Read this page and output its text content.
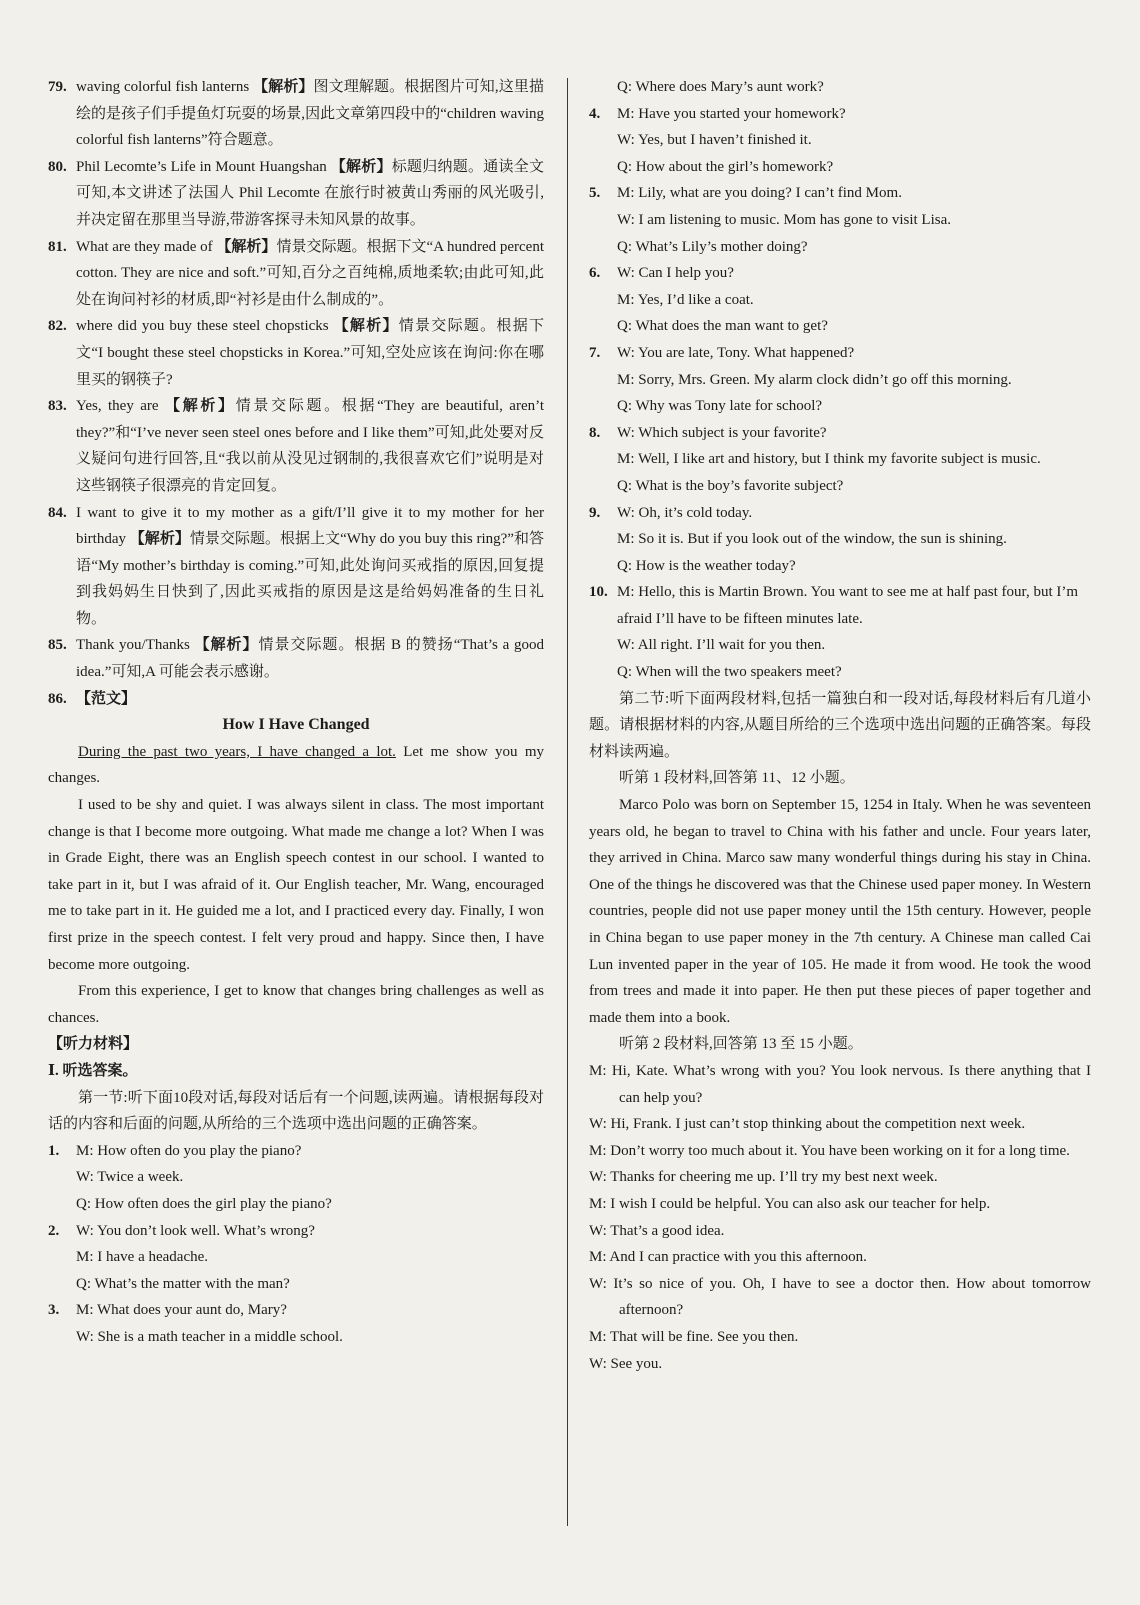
79. waving colorful fish lanterns 【解析】图文理解题。根据图片可知,这里描绘的是孩子们手提鱼灯玩耍的场景,因此文章第四段中的“children waving colorful fish lanterns”符合题意。
80. Phil Lecomte’s Life in Mount Huangshan 【解析】标题归纳题。通读全文可知,本文讲述了法国人 Phil Lecomte 在旅行时被黄山秀丽的风光吸引,并决定留在那里当导游,带游客探寻未知风景的故事。
81. What are they made of 【解析】情景交际题。根据下文“A hundred percent cotton. They are nice and soft.”可知,百分之百纯棉,质地柔软;由此可知,此处在询问衬衫的材质,即“衬衫是由什么制成的”。
82. where did you buy these steel chopsticks 【解析】情景交际题。根据下文“I bought these steel chopsticks in Korea.”可知,空处应该在询问:你在哪里买的钢筷子?
83. Yes, they are 【解析】情景交际题。根据“They are beautiful, aren’t they?”和“I’ve never seen steel ones before and I like them”可知,此处要对反义疑问句进行回答,且“我以前从没见过钢制的,我很喜欢它们”说明是对这些钢筷子很漂亮的肯定回复。
84. I want to give it to my mother as a gift/I’ll give it to my mother for her birthday 【解析】情景交际题。根据上文“Why do you buy this ring?”和答语“My mother’s birthday is coming.”可知,此处询问买戒指的原因,回复提到我妈妈生日快到了,因此买戒指的原因是这是给妈妈准备的生日礼物。
85. Thank you/Thanks 【解析】情景交际题。根据 B 的赞扬“That’s a good idea.”可知,A 可能会表示感谢。
86. 【范文】
How I Have Changed
During the past two years, I have changed a lot. Let me show you my changes.
I used to be shy and quiet. I was always silent in class. The most important change is that I become more outgoing. What made me change a lot? When I was in Grade Eight, there was an English speech contest in our school. I wanted to take part in it, but I was afraid of it. Our English teacher, Mr. Wang, encouraged me to take part in it. He guided me a lot, and I practiced every day. Finally, I won first prize in the speech contest. I felt very proud and happy. Since then, I have become more outgoing.
From this experience, I get to know that changes bring challenges as well as chances.
【听力材料】
Ⅰ. 听选答案。
第一节:听下面10段对话,每段对话后有一个问题,读两遍。请根据每段对话的内容和后面的问题,从所给的三个选项中选出问题的正确答案。
1. M: How often do you play the piano?
W: Twice a week.
Q: How often does the girl play the piano?
2. W: You don’t look well. What’s wrong?
M: I have a headache.
Q: What’s the matter with the man?
3. M: What does your aunt do, Mary?
W: She is a math teacher in a middle school.
Q: Where does Mary’s aunt work?
4. M: Have you started your homework?
W: Yes, but I haven’t finished it.
Q: How about the girl’s homework?
5. M: Lily, what are you doing? I can’t find Mom.
W: I am listening to music. Mom has gone to visit Lisa.
Q: What’s Lily’s mother doing?
6. W: Can I help you?
M: Yes, I’d like a coat.
Q: What does the man want to get?
7. W: You are late, Tony. What happened?
M: Sorry, Mrs. Green. My alarm clock didn’t go off this morning.
Q: Why was Tony late for school?
8. W: Which subject is your favorite?
M: Well, I like art and history, but I think my favorite subject is music.
Q: What is the boy’s favorite subject?
9. W: Oh, it’s cold today.
M: So it is. But if you look out of the window, the sun is shining.
Q: How is the weather today?
10. M: Hello, this is Martin Brown. You want to see me at half past four, but I’m afraid I’ll have to be fifteen minutes late.
W: All right. I’ll wait for you then.
Q: When will the two speakers meet?
第二节:听下面两段材料,包括一篇独白和一段对话,每段材料后有几道小题。请根据材料的内容,从题目所给的三个选项中选出问题的正确答案。每段材料读两遍。
听第 1 段材料,回答第 11、12 小题。
Marco Polo was born on September 15, 1254 in Italy. When he was seventeen years old, he began to travel to China with his father and uncle. Four years later, they arrived in China. Marco saw many wonderful things during his stay in China. One of the things he discovered was that the Chinese used paper money. In Western countries, people did not use paper money until the 15th century. However, people in China began to use paper money in the 7th century. A Chinese man called Cai Lun invented paper in the year of 105. He made it from wood. He took the wood from trees and made it into paper. He then put these pieces of paper together and made them into a book.
听第 2 段材料,回答第 13 至 15 小题。
M: Hi, Kate. What’s wrong with you? You look nervous. Is there anything that I can help you?
W: Hi, Frank. I just can’t stop thinking about the competition next week.
M: Don’t worry too much about it. You have been working on it for a long time.
W: Thanks for cheering me up. I’ll try my best next week.
M: I wish I could be helpful. You can also ask our teacher for help.
W: That’s a good idea.
M: And I can practice with you this afternoon.
W: It’s so nice of you. Oh, I have to see a doctor then. How about tomorrow afternoon?
M: That will be fine. See you then.
W: See you.
